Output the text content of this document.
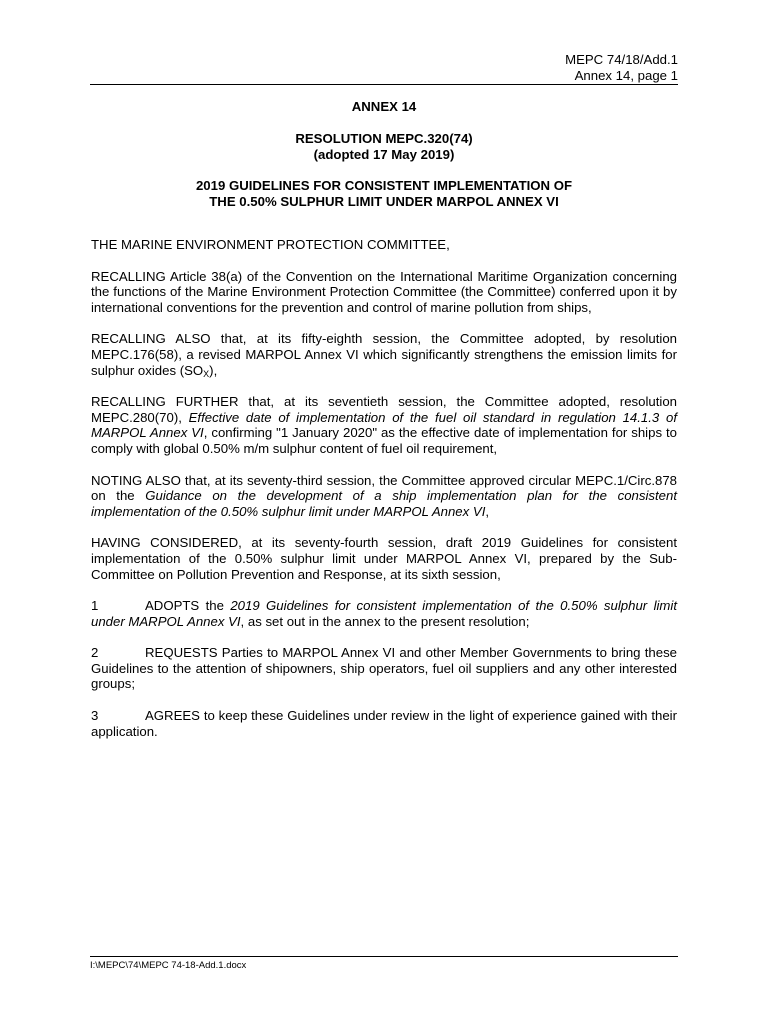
MEPC 74/18/Add.1
Annex 14, page 1
ANNEX 14
RESOLUTION MEPC.320(74)
(adopted 17 May 2019)
2019 GUIDELINES FOR CONSISTENT IMPLEMENTATION OF
THE 0.50% SULPHUR LIMIT UNDER MARPOL ANNEX VI

THE MARINE ENVIRONMENT PROTECTION COMMITTEE,

RECALLING Article 38(a) of the Convention on the International Maritime Organization concerning the functions of the Marine Environment Protection Committee (the Committee) conferred upon it by international conventions for the prevention and control of marine pollution from ships,

RECALLING ALSO that, at its fifty-eighth session, the Committee adopted, by resolution MEPC.176(58), a revised MARPOL Annex VI which significantly strengthens the emission limits for sulphur oxides $(SO_X)$,

RECALLING FURTHER that, at its seventieth session, the Committee adopted, resolution MEPC.280(70), Effective date of implementation of the fuel oil standard in regulation 14.1.3 of MARPOL Annex VI, confirming "1 January 2020" as the effective date of implementation for ships to comply with global 0.50% m/m sulphur content of fuel oil requirement,

NOTING ALSO that, at its seventy-third session, the Committee approved circular MEPC.1/Circ.878 on the Guidance on the development of a ship implementation plan for the consistent implementation of the 0.50% sulphur limit under MARPOL Annex VI,

HAVING CONSIDERED, at its seventy-fourth session, draft 2019 Guidelines for consistent implementation of the 0.50% sulphur limit under MARPOL Annex VI, prepared by the Sub-Committee on Pollution Prevention and Response, at its sixth session,

1	ADOPTS the 2019 Guidelines for consistent implementation of the 0.50% sulphur limit under MARPOL Annex VI, as set out in the annex to the present resolution;

2	REQUESTS Parties to MARPOL Annex VI and other Member Governments to bring these Guidelines to the attention of shipowners, ship operators, fuel oil suppliers and any other interested groups;

3	AGREES to keep these Guidelines under review in the light of experience gained with their application.

I:\MEPC\74\MEPC 74-18-Add.1.docx
